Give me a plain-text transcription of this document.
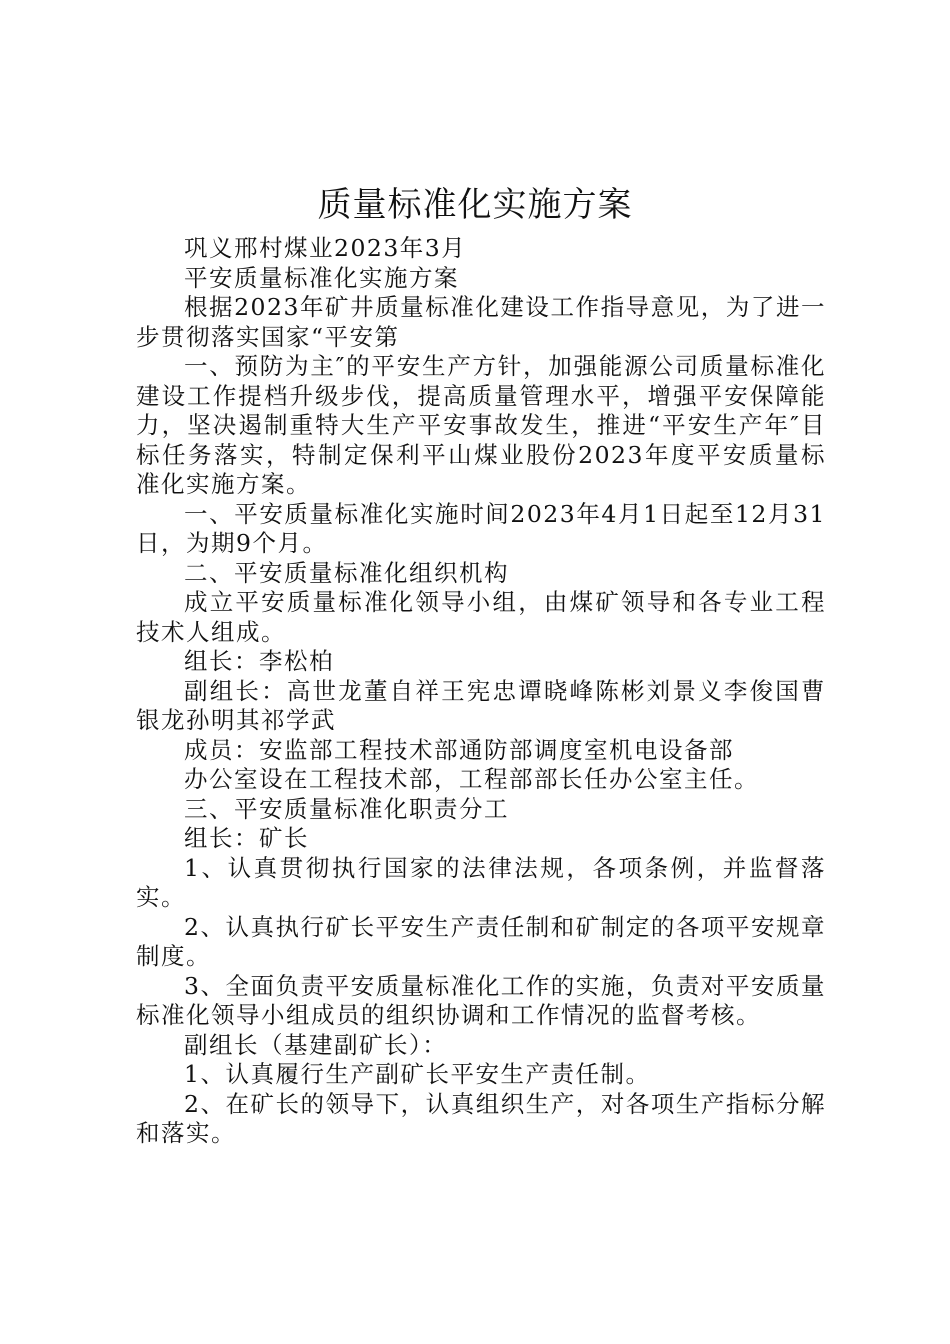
质量标准化实施方案

巩义邢村煤业2023年3月

平安质量标准化实施方案

根据2023年矿井质量标准化建设工作指导意见，为了进一步贯彻落实国家“平安第

一、预防为主″的平安生产方针，加强能源公司质量标准化建设工作提档升级步伐，提高质量管理水平，增强平安保障能力，坚决遏制重特大生产平安事故发生，推进“平安生产年″目标任务落实，特制定保利平山煤业股份2023年度平安质量标准化实施方案。

一、平安质量标准化实施时间2023年4月1日起至12月31日，为期9个月。

二、平安质量标准化组织机构

成立平安质量标准化领导小组，由煤矿领导和各专业工程技术人组成。

组长：李松柏

副组长：高世龙董自祥王宪忠谭晓峰陈彬刘景义李俊国曹银龙孙明其祁学武

成员：安监部工程技术部通防部调度室机电设备部

办公室设在工程技术部，工程部部长任办公室主任。

三、平安质量标准化职责分工

组长：矿长

1、认真贯彻执行国家的法律法规，各项条例，并监督落实。

2、认真执行矿长平安生产责任制和矿制定的各项平安规章制度。

3、全面负责平安质量标准化工作的实施，负责对平安质量标准化领导小组成员的组织协调和工作情况的监督考核。

副组长（基建副矿长）：

1、认真履行生产副矿长平安生产责任制。

2、在矿长的领导下，认真组织生产，对各项生产指标分解和落实。
